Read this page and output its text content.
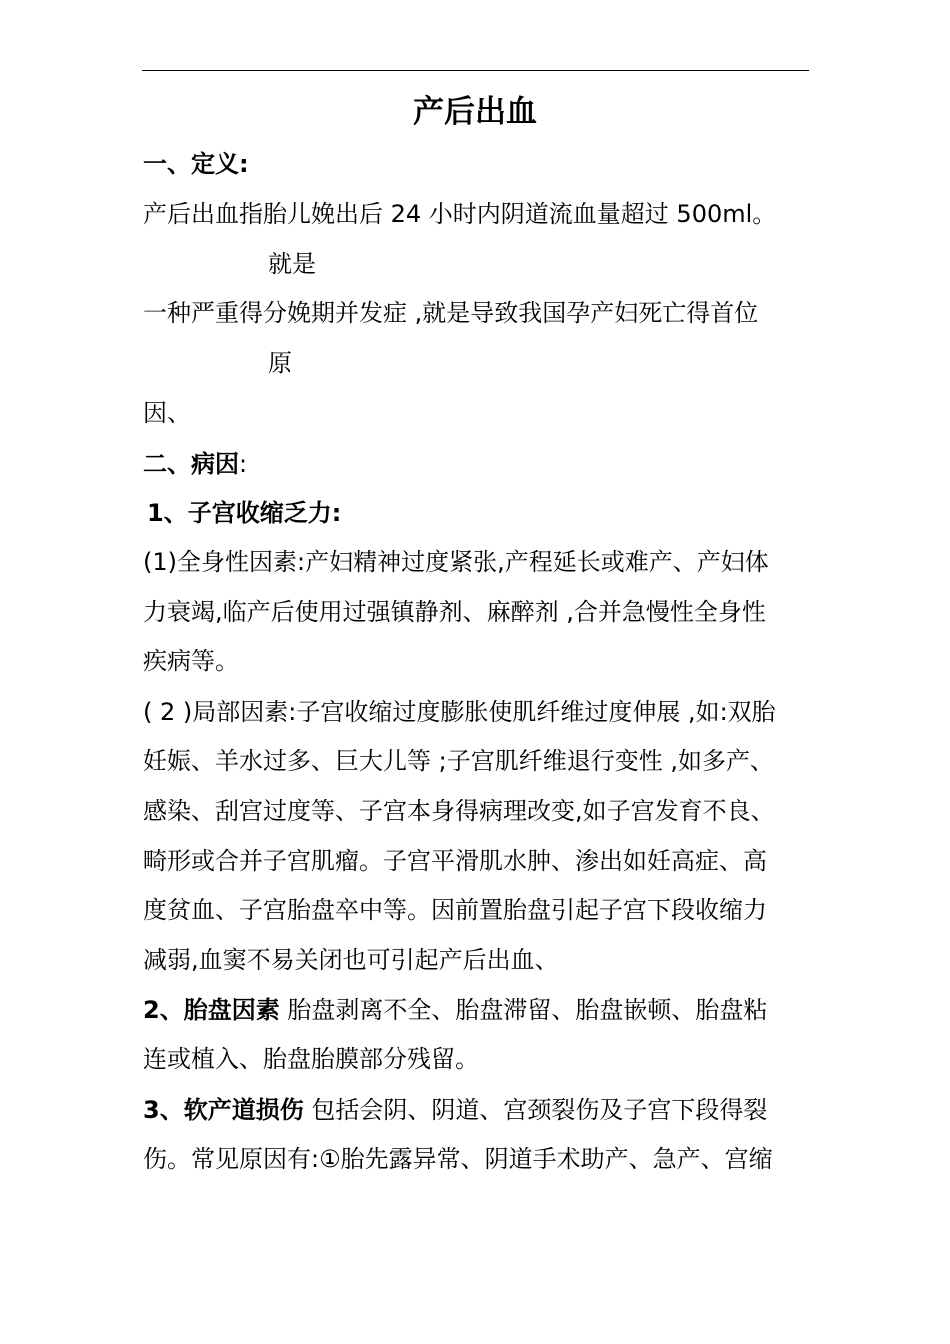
产后出血

一、定义:

产后出血指胎儿娩出后 24 小时内阴道流血量超过 500ml。

就是

一种严重得分娩期并发症 ,就是导致我国孕产妇死亡得首位

原

因、

二、病因:

1、子宫收缩乏力:

(1)全身性因素:产妇精神过度紧张,产程延长或难产、产妇体

力衰竭,临产后使用过强镇静剂、麻醉剂 ,合并急慢性全身性

疾病等。

( 2 )局部因素:子宫收缩过度膨胀使肌纤维过度伸展 ,如:双胎

妊娠、羊水过多、巨大儿等 ;子宫肌纤维退行变性 ,如多产、

感染、刮宫过度等、子宫本身得病理改变,如子宫发育不良、

畸形或合并子宫肌瘤。子宫平滑肌水肿、渗出如妊高症、高

度贫血、子宫胎盘卒中等。因前置胎盘引起子宫下段收缩力

减弱,血窦不易关闭也可引起产后出血、

2、胎盘因素 胎盘剥离不全、胎盘滞留、胎盘嵌顿、胎盘粘

连或植入、胎盘胎膜部分残留。

3、软产道损伤 包括会阴、阴道、宫颈裂伤及子宫下段得裂

伤。常见原因有:①胎先露异常、阴道手术助产、急产、宫缩
